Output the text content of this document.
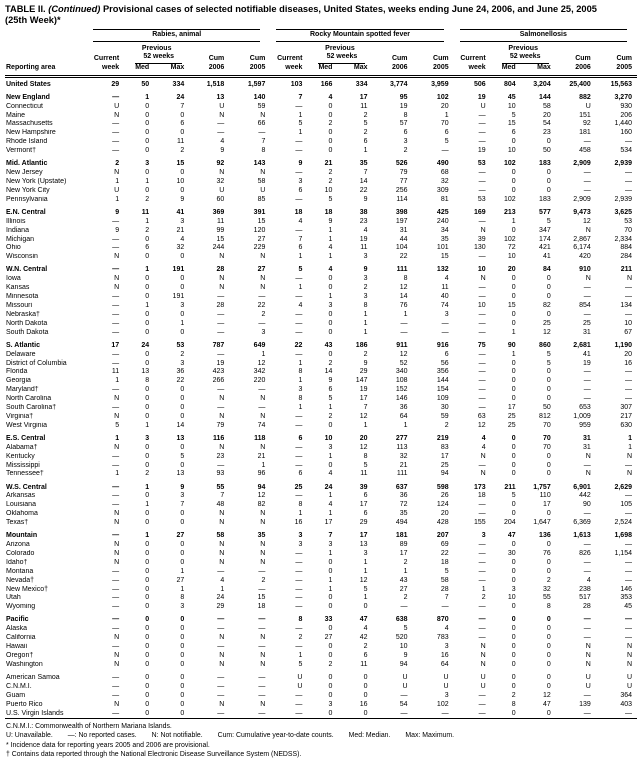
TABLE II. (Continued) Provisional cases of selected notifiable diseases, United States, weeks ending June 24, 2006, and June 25, 2005
(25th Week)*

	Rabies, animal					Rocky Mountain spotted fever					Salmonellosis				

		Previous					Previous					Previous			
	Current	52 weeks		Cum	Cum	Current	52 weeks		Cum	Cum	Current	52 weeks		Cum	Cum
Reporting area	week	Med	Max	2006	2005	week	Med	Max	2006	2005	week	Med	Max	2006	2005
United States	29	50	334	1,518	1,597	103	166	334	3,774	3,959	506	804	3,204	25,400	15,563
New England	—	1	24	13	140	7	4	17	95	102	19	45	144	882	3,270
Connecticut	U	0	7	U	59	—	0	11	19	20	U	10	58	U	930
Maine	N	0	0	N	N	1	0	2	8	1	—	5	20	151	206
Massachusetts	—	0	6	—	66	5	2	5	57	70	—	15	54	92	1,440
New Hampshire	—	0	0	—	—	1	0	2	6	6	—	6	23	181	160
Rhode Island	—	0	11	4	7	—	0	6	3	5	—	0	0	—	—
Vermont†	—	0	2	9	8	—	0	1	2	—	19	10	50	458	534
Mid. Atlantic	2	3	15	92	143	9	21	35	526	490	53	102	183	2,909	2,939
New Jersey	N	0	0	N	N	—	2	7	79	68	—	0	0	—	—
New York (Upstate)	1	1	10	32	58	3	2	14	77	32	—	0	0	—	—
New York City	U	0	0	U	U	6	10	22	256	309	—	0	0	—	—
Pennsylvania	1	2	9	60	85	—	5	9	114	81	53	102	183	2,909	2,939
E.N. Central	9	11	41	369	391	18	18	38	398	425	169	213	577	9,473	3,625
Illinois	—	1	3	11	15	4	9	23	197	240	—	1	5	12	53
Indiana	9	2	21	99	120	—	1	4	31	34	N	0	347	N	70
Michigan	—	0	4	15	27	7	1	19	44	35	39	102	174	2,867	2,334
Ohio	—	6	32	244	229	6	4	11	104	101	130	72	421	6,174	884
Wisconsin	N	0	0	N	N	1	1	3	22	15	—	10	41	420	284
W.N. Central	—	1	191	28	27	5	4	9	111	132	10	20	84	910	211
Iowa	N	0	0	N	N	—	0	3	8	4	N	0	0	N	N
Kansas	N	0	0	N	N	1	0	2	12	11	—	0	0	—	—
Minnesota	—	0	191	—	—	—	1	3	14	40	—	0	0	—	—
Missouri	—	1	3	28	22	4	3	8	76	74	10	15	82	854	134
Nebraska†	—	0	0	—	2	—	0	1	1	3	—	0	0	—	—
North Dakota	—	0	1	—	—	—	0	1	—	—	—	0	25	25	10
South Dakota	—	0	0	—	3	—	0	1	—	—	—	1	12	31	67
S. Atlantic	17	24	53	787	649	22	43	186	911	916	75	90	860	2,681	1,190
Delaware	—	0	2	—	1	—	0	2	12	6	—	1	5	41	20
District of Columbia	—	0	3	19	12	1	2	9	52	56	—	0	5	19	16
Florida	11	13	36	423	342	8	14	29	340	356	—	0	0	—	—
Georgia	1	8	22	266	220	1	9	147	108	144	—	0	0	—	—
Maryland†	—	0	0	—	—	3	6	19	152	154	—	0	0	—	—
North Carolina	N	0	0	N	N	8	5	17	146	109	—	0	0	—	—
South Carolina†	—	0	0	—	—	1	1	7	36	30	—	17	50	653	307
Virginia†	N	0	0	N	N	—	2	12	64	59	63	25	812	1,009	217
West Virginia	5	1	14	79	74	—	0	1	1	2	12	25	70	959	630
E.S. Central	1	3	13	116	118	6	10	20	277	219	4	0	70	31	1
Alabama†	N	0	0	N	N	—	3	12	113	83	4	0	70	31	1
Kentucky	—	0	5	23	21	—	1	8	32	17	N	0	0	N	N
Mississippi	—	0	0	—	1	—	0	5	21	25	—	0	0	—	—
Tennessee†	1	2	13	93	96	6	4	11	111	94	N	0	0	N	N
W.S. Central	—	1	9	55	94	25	24	39	637	598	173	211	1,757	6,901	2,629
Arkansas	—	0	3	7	12	—	1	6	36	26	18	5	110	442	—
Louisiana	—	1	7	48	82	8	4	17	72	124	—	0	17	90	105
Oklahoma	N	0	0	N	N	1	1	6	35	20	—	0	0	—	—
Texas†	N	0	0	N	N	16	17	29	494	428	155	204	1,647	6,369	2,524
Mountain	—	1	27	58	35	3	7	17	181	207	3	47	136	1,613	1,698
Arizona	N	0	0	N	N	3	3	13	89	69	—	0	0	—	—
Colorado	N	0	0	N	N	—	1	3	17	22	—	30	76	826	1,154
Idaho†	N	0	0	N	N	—	0	1	2	18	—	0	0	—	—
Montana	—	0	1	—	—	—	0	1	1	5	—	0	0	—	—
Nevada†	—	0	27	4	2	—	1	12	43	58	—	0	2	4	—
New Mexico†	—	0	1	1	—	—	1	5	27	28	1	3	32	238	146
Utah	—	0	8	24	15	—	0	1	2	7	2	10	55	517	353
Wyoming	—	0	3	29	18	—	0	0	—	—	—	0	8	28	45
Pacific	—	0	0	—	—	8	33	47	638	870	—	0	0	—	—
Alaska	—	0	0	—	—	—	0	4	5	4	—	0	0	—	—
California	N	0	0	N	N	2	27	42	520	783	—	0	0	—	—
Hawaii	—	0	0	—	—	—	0	2	10	3	N	0	0	N	N
Oregon†	N	0	0	N	N	1	0	6	9	16	N	0	0	N	N
Washington	N	0	0	N	N	5	2	11	94	64	N	0	0	N	N
American Samoa	—	0	0	—	—	U	0	0	U	U	U	0	0	U	U
C.N.M.I.	—	0	0	—	—	U	0	0	U	U	U	0	0	U	U
Guam	—	0	0	—	—	—	0	0	—	3	—	2	12	—	364
Puerto Rico	N	0	0	N	N	—	3	16	54	102	—	8	47	139	403
U.S. Virgin Islands	—	0	0	—	—	—	0	0	—	—	—	0	0	—	—
C.N.M.I.: Commonwealth of Northern Mariana Islands.
U: Unavailable. —: No reported cases. N: Not notifiable. Cum: Cumulative year-to-date counts. Med: Median. Max: Maximum.
* Incidence data for reporting years 2005 and 2006 are provisional.
† Contains data reported through the National Electronic Disease Surveillance System (NEDSS).
